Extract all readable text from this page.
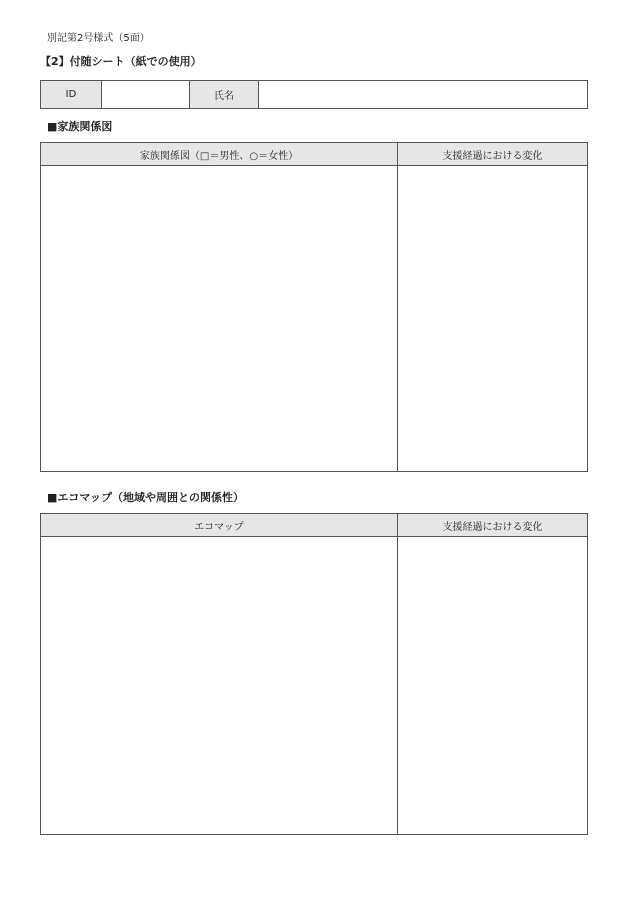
別記第2号様式（5面）
【2】付随シート（紙での使用）
ID	氏名
■家族関係図
家族関係図（□＝男性、○＝女性）	支援経過における変化
■エコマップ（地域や周囲との関係性）
エコマップ	支援経過における変化
